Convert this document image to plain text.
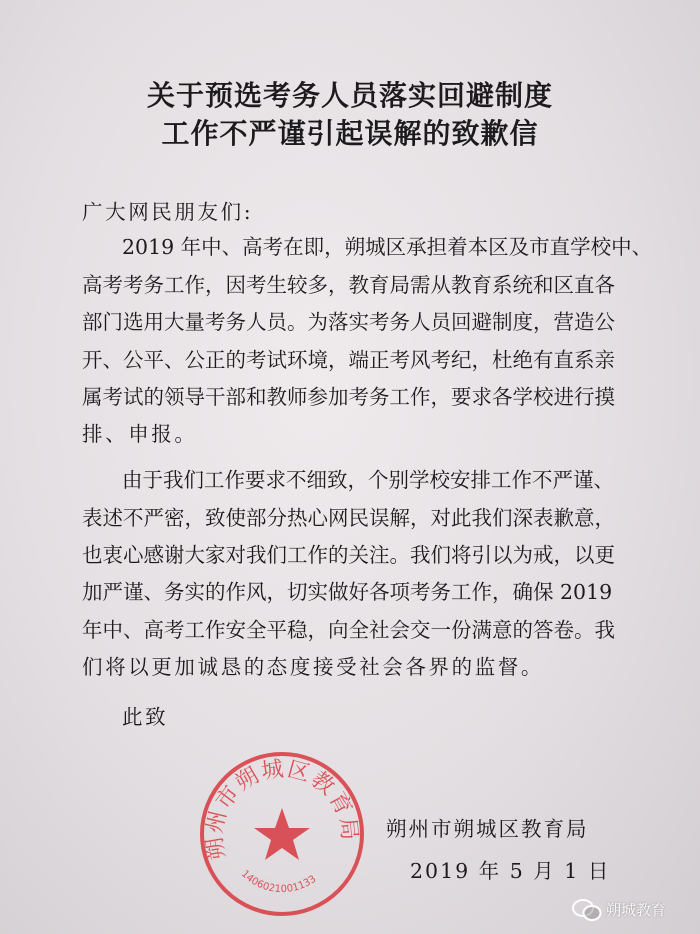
关于预选考务人员落实回避制度
工作不严谨引起误解的致歉信
广大网民朋友们:
2019 年中、高考在即，朔城区承担着本区及市直学校中、
高考考务工作，因考生较多，教育局需从教育系统和区直各
部门选用大量考务人员。为落实考务人员回避制度，营造公
开、公平、公正的考试环境，端正考风考纪，杜绝有直系亲
属考试的领导干部和教师参加考务工作，要求各学校进行摸
排、申报。
由于我们工作要求不细致，个别学校安排工作不严谨、
表述不严密，致使部分热心网民误解，对此我们深表歉意，
也衷心感谢大家对我们工作的关注。我们将引以为戒，以更
加严谨、务实的作风，切实做好各项考务工作，确保 2019
年中、高考工作安全平稳，向全社会交一份满意的答卷。我
们将以更加诚恳的态度接受社会各界的监督。
此致
朔州市朔城区教育局
1406021001133
朔州市朔城区教育局
2019 年 5 月 1 日
朔城教育
